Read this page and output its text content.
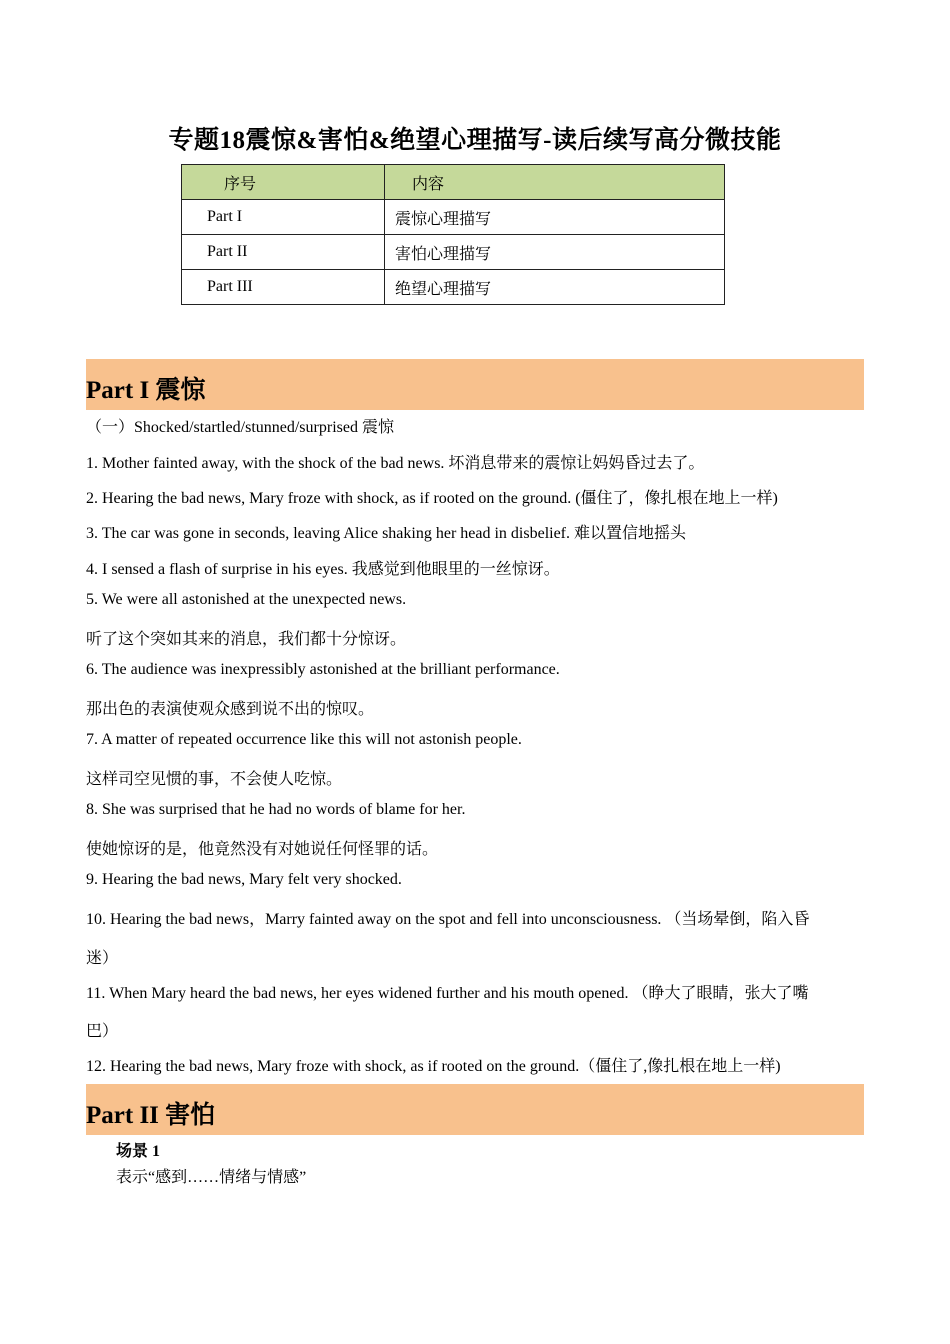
专题18震惊&害怕&绝望心理描写-读后续写高分微技能
序号	内容
Part I	震惊心理描写
Part II	害怕心理描写
Part III	绝望心理描写
Part I 震惊
（一）Shocked/startled/stunned/surprised 震惊
1. Mother fainted away, with the shock of the bad news. 坏消息带来的震惊让妈妈昏过去了。
2. Hearing the bad news, Mary froze with shock, as if rooted on the ground. (僵住了，像扎根在地上一样)
3. The car was gone in seconds, leaving Alice shaking her head in disbelief. 难以置信地摇头
4. I sensed a flash of surprise in his eyes. 我感觉到他眼里的一丝惊讶。
5. We were all astonished at the unexpected news.
听了这个突如其来的消息，我们都十分惊讶。
6. The audience was inexpressibly astonished at the brilliant performance.
那出色的表演使观众感到说不出的惊叹。
7. A matter of repeated occurrence like this will not astonish people.
这样司空见惯的事，不会使人吃惊。
8. She was surprised that he had no words of blame for her.
使她惊讶的是，他竟然没有对她说任何怪罪的话。
9. Hearing the bad news, Mary felt very shocked.
10. Hearing the bad news，Marry fainted away on the spot and fell into unconsciousness. （当场晕倒，陷入昏
迷）
11. When Mary heard the bad news, her eyes widened further and his mouth opened. （睁大了眼睛，张大了嘴
巴）
12. Hearing the bad news, Mary froze with shock, as if rooted on the ground.（僵住了,像扎根在地上一样)
Part II 害怕
场景 1
表示“感到……情绪与情感”
